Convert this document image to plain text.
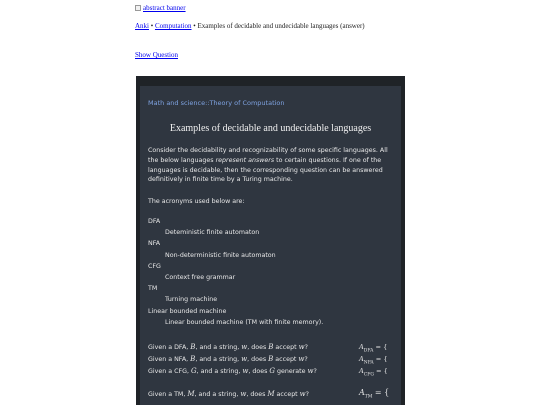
abstract banner
Anki • Computation • Examples of decidable and undecidable languages (answer)
Show Question
Math and science::Theory of Computation
Examples of decidable and undecidable languages
Consider the decidability and recognizability of some specific languages. All the below languages represent answers to certain questions. If one of the languages is decidable, then the corresponding question can be answered definitively in finite time by a Turing machine.
The acronyms used below are:
DFA
Deteministic finite automaton
NFA
Non-deterministic finite automaton
CFG
Context free grammar
TM
Turning machine
Linear bounded machine
Linear bounded machine (TM with finite memory).
Given a DFA, B, and a string, w, does B accept w?	$A_{DFA}$ = {
Given a NFA, B, and a string, w, does B accept w?	$A_{NFA}$ = {
Given a CFG, G, and a string, w, does G generate w?	$A_{CFG}$ = {
Given a TM, M, and a string, w, does M accept w?	$A_{TM}$ = {
